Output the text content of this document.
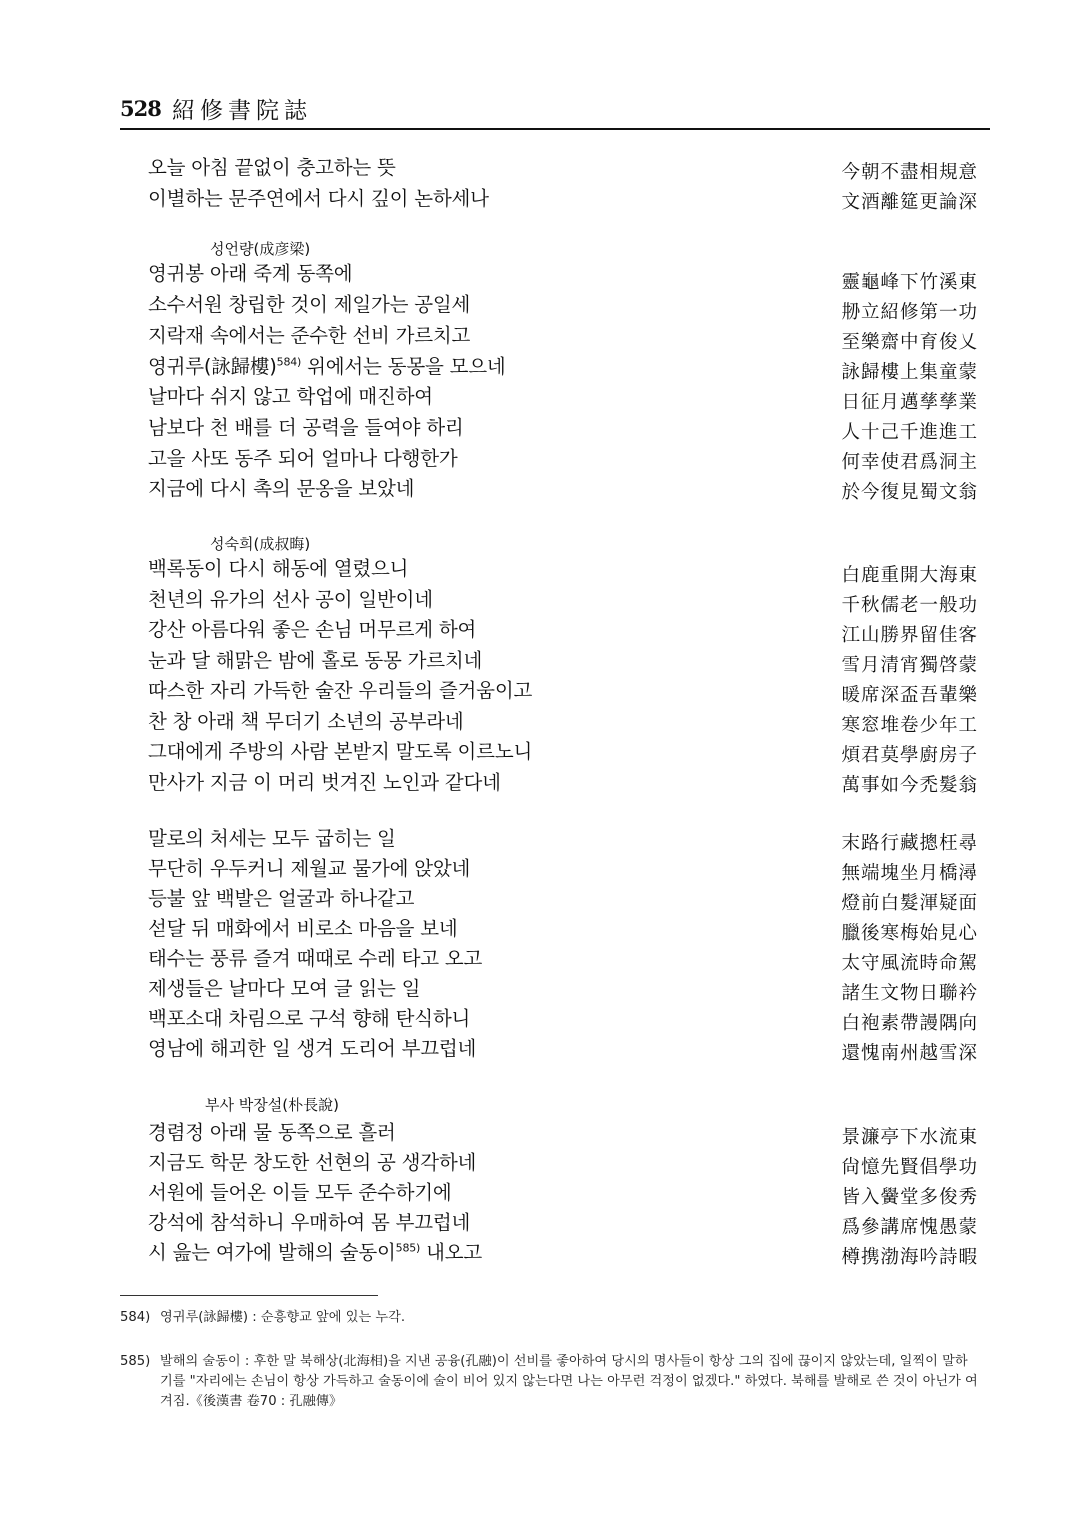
528 紹修書院誌
오늘 아침 끝없이 충고하는 뜻
이별하는 문주연에서 다시 깊이 논하세나
今朝不盡相規意
文酒離筵更論深
성언량(成彦梁)
영귀봉 아래 죽계 동쪽에
소수서원 창립한 것이 제일가는 공일세
지락재 속에서는 준수한 선비 가르치고
영귀루(詠歸樓)$^{584)}$ 위에서는 동몽을 모으네
날마다 쉬지 않고 학업에 매진하여
남보다 천 배를 더 공력을 들여야 하리
고을 사또 동주 되어 얼마나 다행한가
지금에 다시 촉의 문옹을 보았네
靈龜峰下竹溪東
刱立紹修第一功
至樂齋中育俊乂
詠歸樓上集童蒙
日征月邁孳孳業
人十己千進進工
何幸使君爲洞主
於今復見蜀文翁
성숙희(成叔晦)
백록동이 다시 해동에 열렸으니
천년의 유가의 선사 공이 일반이네
강산 아름다워 좋은 손님 머무르게 하여
눈과 달 해맑은 밤에 홀로 동몽 가르치네
따스한 자리 가득한 술잔 우리들의 즐거움이고
찬 창 아래 책 무더기 소년의 공부라네
그대에게 주방의 사람 본받지 말도록 이르노니
만사가 지금 이 머리 벗겨진 노인과 같다네
白鹿重開大海東
千秋儒老一般功
江山勝界留佳客
雪月清宵獨啓蒙
暖席深盃吾輩樂
寒窓堆卷少年工
煩君莫學廚房子
萬事如今禿髮翁
말로의 처세는 모두 굽히는 일
무단히 우두커니 제월교 물가에 앉았네
등불 앞 백발은 얼굴과 하나같고
섣달 뒤 매화에서 비로소 마음을 보네
태수는 풍류 즐겨 때때로 수레 타고 오고
제생들은 날마다 모여 글 읽는 일
백포소대 차림으로 구석 향해 탄식하니
영남에 해괴한 일 생겨 도리어 부끄럽네
末路行藏摠枉尋
無端塊坐月橋潯
燈前白髮渾疑面
臘後寒梅始見心
太守風流時命駕
諸生文物日聯衿
白袍素帶謾隅向
還愧南州越雪深
부사 박장설(朴長說)
경렴정 아래 물 동쪽으로 흘러
지금도 학문 창도한 선현의 공 생각하네
서원에 들어온 이들 모두 준수하기에
강석에 참석하니 우매하여 몸 부끄럽네
시 읊는 여가에 발해의 술동이$^{585)}$ 내오고
景濂亭下水流東
尙憶先賢倡學功
皆入黌堂多俊秀
爲參講席愧愚蒙
樽携渤海吟詩暇
584) 영귀루(詠歸樓) : 순흥향교 앞에 있는 누각.
585) 발해의 술동이 : 후한 말 북해상(北海相)을 지낸 공융(孔融)이 선비를 좋아하여 당시의 명사들이 항상 그의 집에 끊이지 않았는데, 일찍이 말하기를 "자리에는 손님이 항상 가득하고 술동이에 술이 비어 있지 않는다면 나는 아무런 걱정이 없겠다." 하였다. 북해를 발해로 쓴 것이 아닌가 여겨짐.《後漢書 卷70 : 孔融傳》
